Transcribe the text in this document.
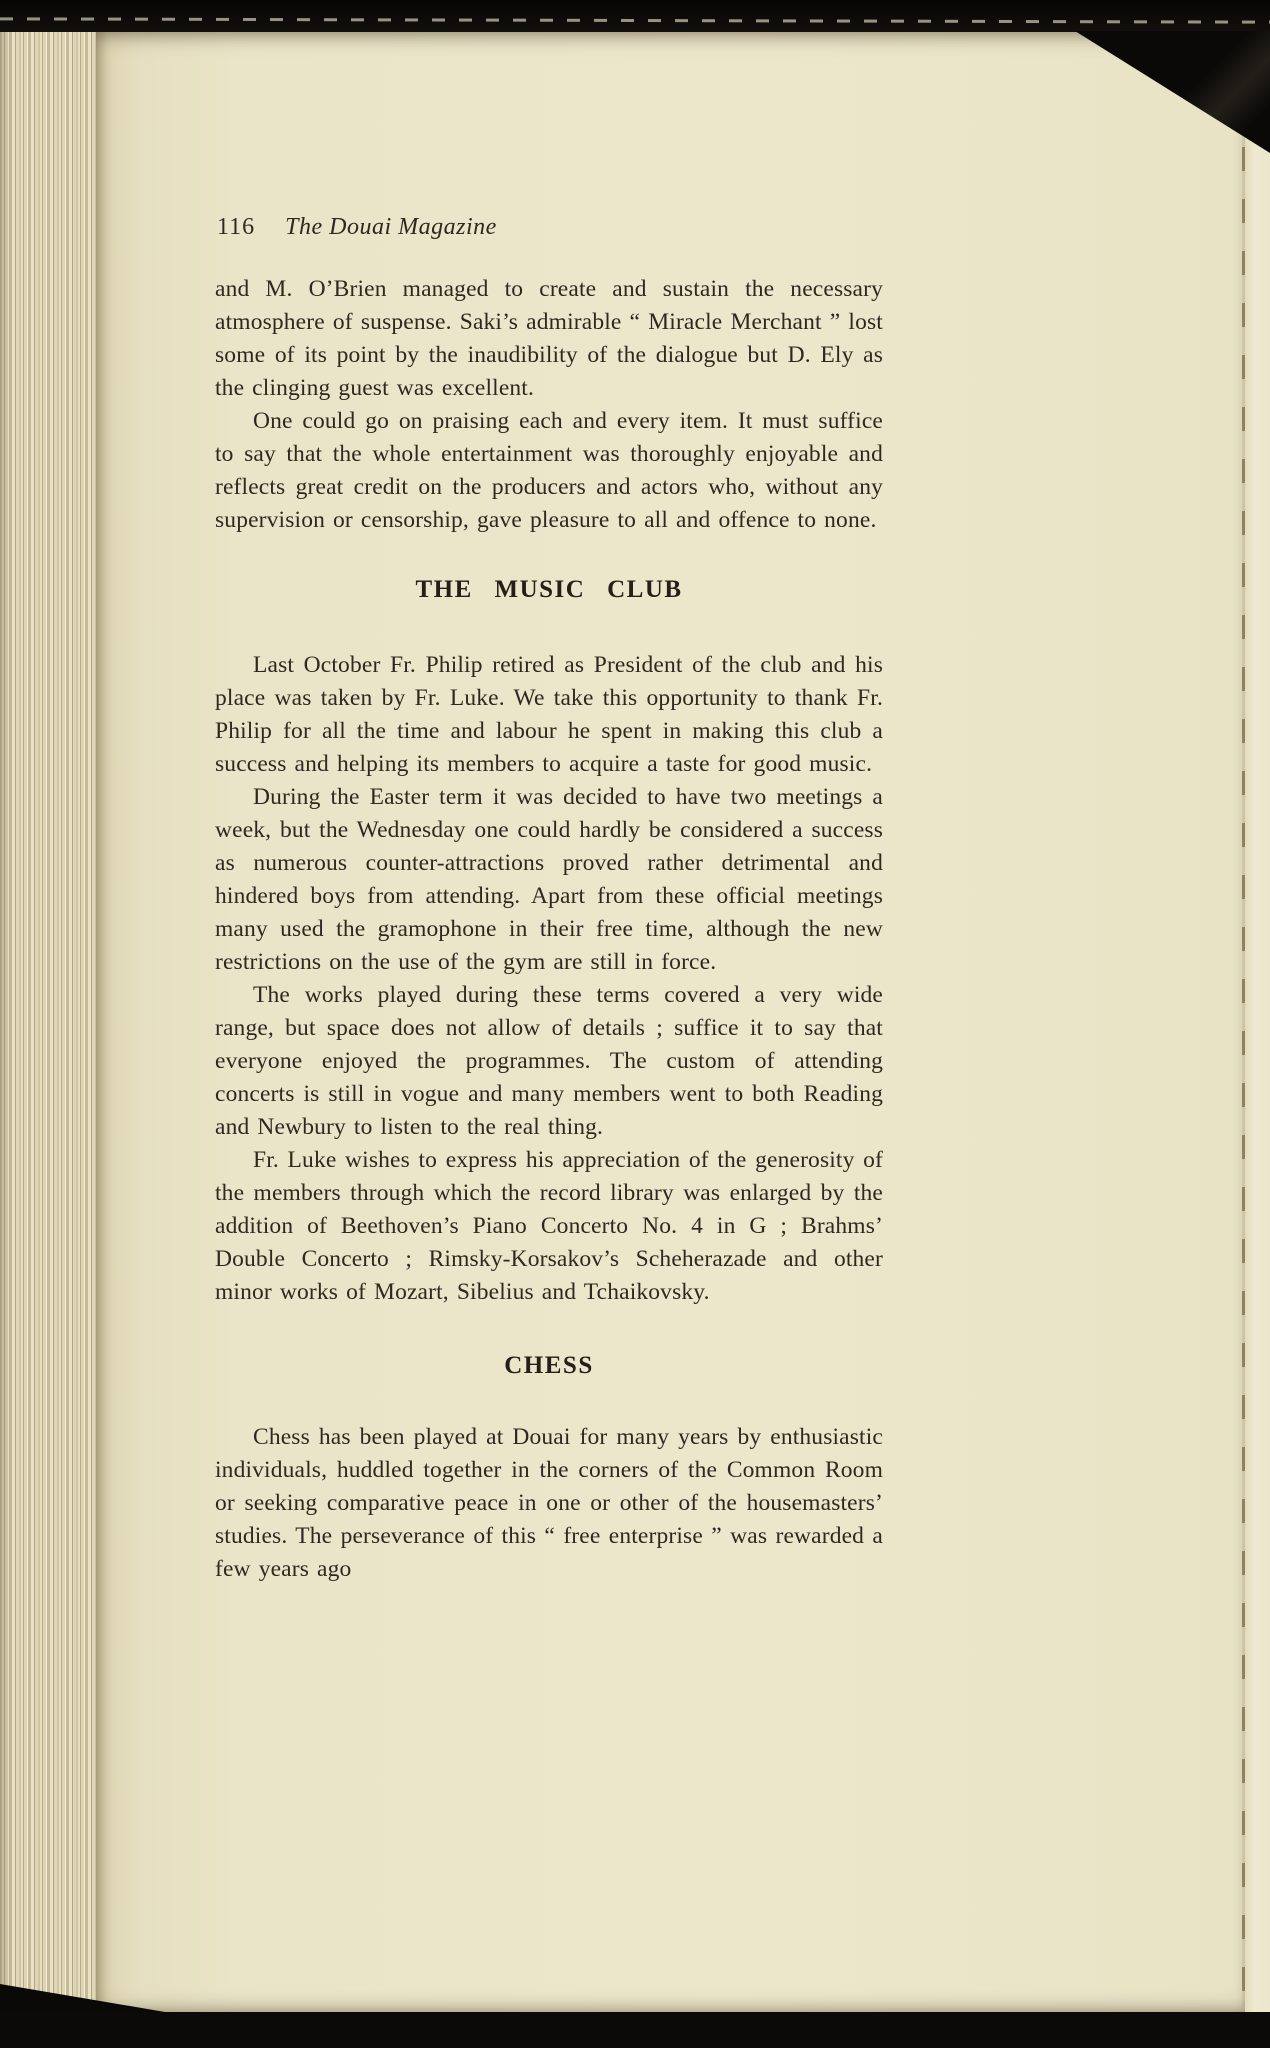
116 The Douai Magazine

and M. O’Brien managed to create and sustain the necessary atmosphere of suspense. Saki’s admirable “ Miracle Merchant ” lost some of its point by the inaudibility of the dialogue but D. Ely as the clinging guest was excellent.

One could go on praising each and every item. It must suffice to say that the whole entertainment was thoroughly enjoyable and reflects great credit on the producers and actors who, without any supervision or censorship, gave pleasure to all and offence to none.

THE MUSIC CLUB

Last October Fr. Philip retired as President of the club and his place was taken by Fr. Luke. We take this opportunity to thank Fr. Philip for all the time and labour he spent in making this club a success and helping its members to acquire a taste for good music.

During the Easter term it was decided to have two meetings a week, but the Wednesday one could hardly be considered a success as numerous counter-attractions proved rather detrimental and hindered boys from attending. Apart from these official meetings many used the gramophone in their free time, although the new restrictions on the use of the gym are still in force.

The works played during these terms covered a very wide range, but space does not allow of details ; suffice it to say that everyone enjoyed the programmes. The custom of attending concerts is still in vogue and many members went to both Reading and Newbury to listen to the real thing.

Fr. Luke wishes to express his appreciation of the generosity of the members through which the record library was enlarged by the addition of Beethoven’s Piano Concerto No. 4 in G ; Brahms’ Double Concerto ; Rimsky-Korsakov’s Scheherazade and other minor works of Mozart, Sibelius and Tchaikovsky.

CHESS

Chess has been played at Douai for many years by enthusiastic individuals, huddled together in the corners of the Common Room or seeking comparative peace in one or other of the housemasters’ studies. The perseverance of this “ free enterprise ” was rewarded a few years ago
